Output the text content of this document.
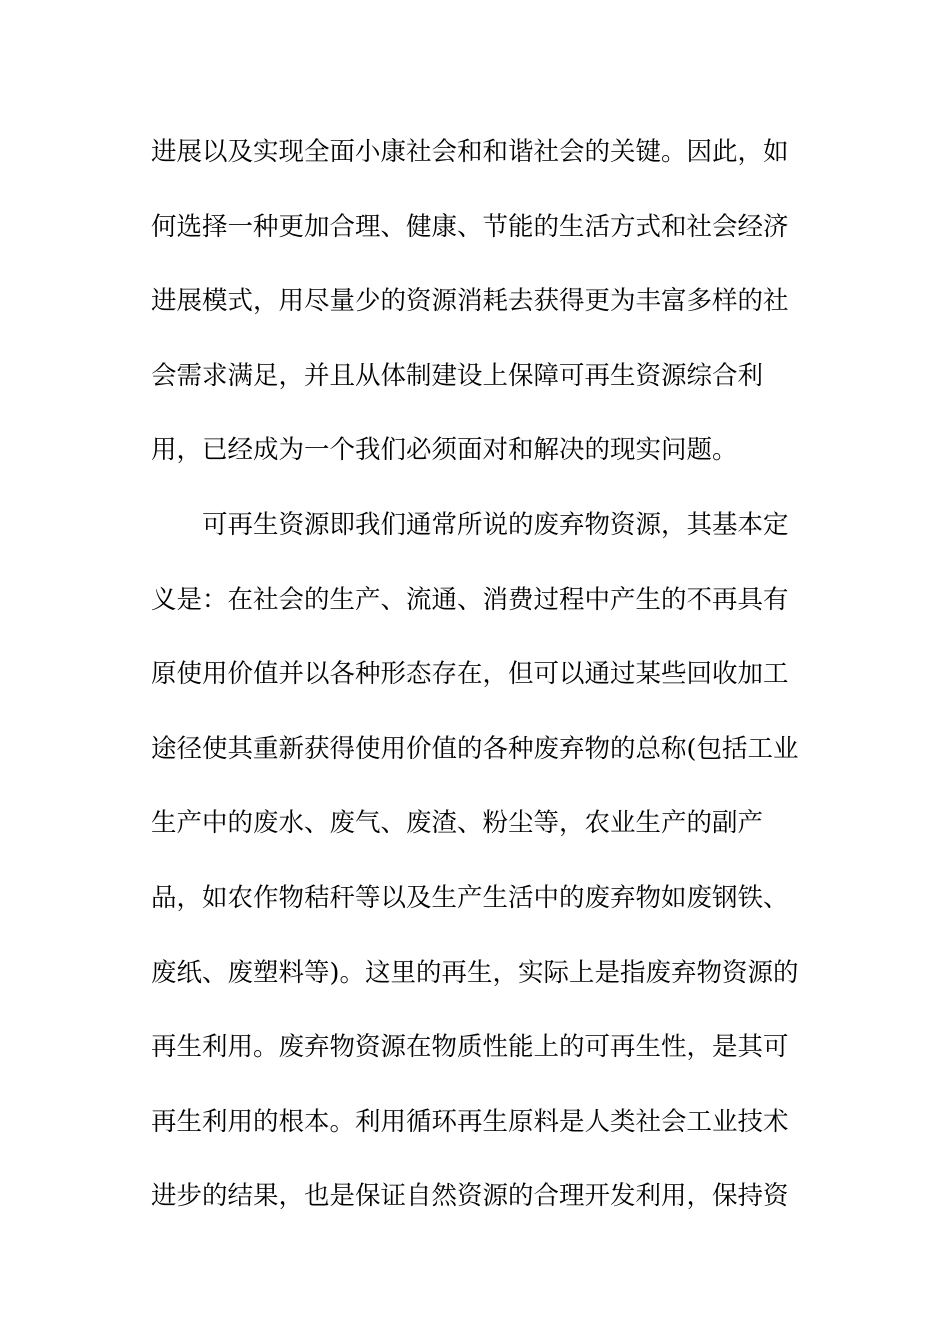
进展以及实现全面小康社会和和谐社会的关键。因此，如
何选择一种更加合理、健康、节能的生活方式和社会经济
进展模式，用尽量少的资源消耗去获得更为丰富多样的社
会需求满足，并且从体制建设上保障可再生资源综合利
用，已经成为一个我们必须面对和解决的现实问题。
可再生资源即我们通常所说的废弃物资源，其基本定
义是：在社会的生产、流通、消费过程中产生的不再具有
原使用价值并以各种形态存在，但可以通过某些回收加工
途径使其重新获得使用价值的各种废弃物的总称(包括工业
生产中的废水、废气、废渣、粉尘等，农业生产的副产
品，如农作物秸秆等以及生产生活中的废弃物如废钢铁、
废纸、废塑料等)。这里的再生，实际上是指废弃物资源的
再生利用。废弃物资源在物质性能上的可再生性，是其可
再生利用的根本。利用循环再生原料是人类社会工业技术
进步的结果，也是保证自然资源的合理开发利用，保持资
